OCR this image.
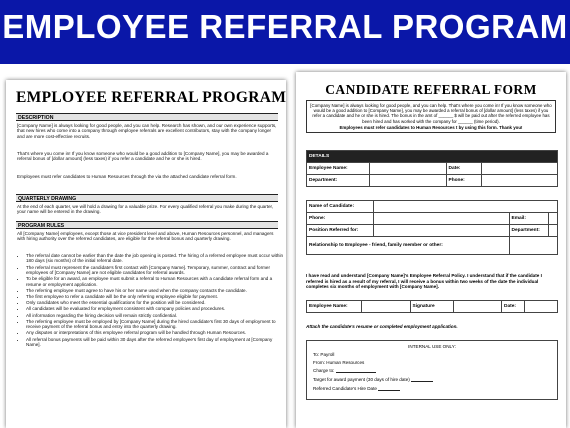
EMPLOYEE REFERRAL PROGRAM
EMPLOYEE REFERRAL PROGRAM
DESCRIPTION
[Company Name] is always looking for good people, and you can help. Research has shown, and our own experience supports, that new hires who come into a company through employee referrals are excellent contributors, stay with the company longer and are more cost-effective recruits.
That's where you come in! If you know someone who would be a good addition to [Company Name], you may be awarded a referral bonus of [dollar amount] (less taxes) if you refer a candidate and he or she is hired.
Employees must refer candidates to Human Resources through the via the attached candidate referral form.
QUARTERLY DRAWING
At the end of each quarter, we will hold a drawing for a valuable prize. For every qualified referral you make during the quarter, your name will be entered in the drawing.
PROGRAM RULES
All [Company Name] employees, except those at vice president level and above, Human Resources personnel, and managers with hiring authority over the referred candidates, are eligible for the referral bonus and quarterly drawing.
• The referral date cannot be earlier than the date the job opening is posted. The hiring of a referred employee must occur within 180 days (six months) of the initial referral date.
• The referral must represent the candidate's first contact with [Company Name]. Temporary, summer, contract and former employees of [Company Name] are not eligible candidates for referral awards.
• To be eligible for an award, an employee must submit a referral to Human Resources with a candidate referral form and a resume or employment application.
• The referring employee must agree to have his or her name used when the company contacts the candidate.
• The first employee to refer a candidate will be the only referring employee eligible for payment.
• Only candidates who meet the essential qualifications for the position will be considered.
• All candidates will be evaluated for employment consistent with company policies and procedures.
• All information regarding the hiring decision will remain strictly confidential.
• The referring employee must be employed by [Company Name] during the hired candidate's first 30 days of employment to receive payment of the referral bonus and entry into the quarterly drawing.
• Any disputes or interpretations of this employee referral program will be handled through Human Resources.
• All referral bonus payments will be paid within 30 days after the referred employee's first day of employment at [Company Name].
CANDIDATE REFERRAL FORM
[Company Name] is always looking for good people, and you can help. That's where you come in! If you know someone who would be a good addition to [Company Name], you may be awarded a referral bonus of [dollar amount] (less taxes) if you refer a candidate and he or she is hired. The bonus in the amt of ______ $ will be paid out after the referred employee has been hired and has worked with the company for ______ (time period).
Employees must refer candidates to Human Resources t by using this form. Thank you!
DETAILS			
Employee Name:		Date:	
Department:		Phone:	
Name of Candidate:			
Phone:		Email:	
Position Referred for:		Department:	
Relationship to Employee - friend, family member or other:			
I have read and understand [Company Name]'s Employee Referral Policy. I understand that if the candidate I referred is hired as a result of my referral, I will receive a bonus within two weeks of the date the individual completes six months of employment with [Company Name].
Employee Name:		Signature		Date:	
Attach the candidate's resume or completed employment application.
INTERNAL USE ONLY:
To: Payroll
From: Human Resources
Charge to:
Target for award payment (30 days of hire date)
Referred Candidate's Hire Date
